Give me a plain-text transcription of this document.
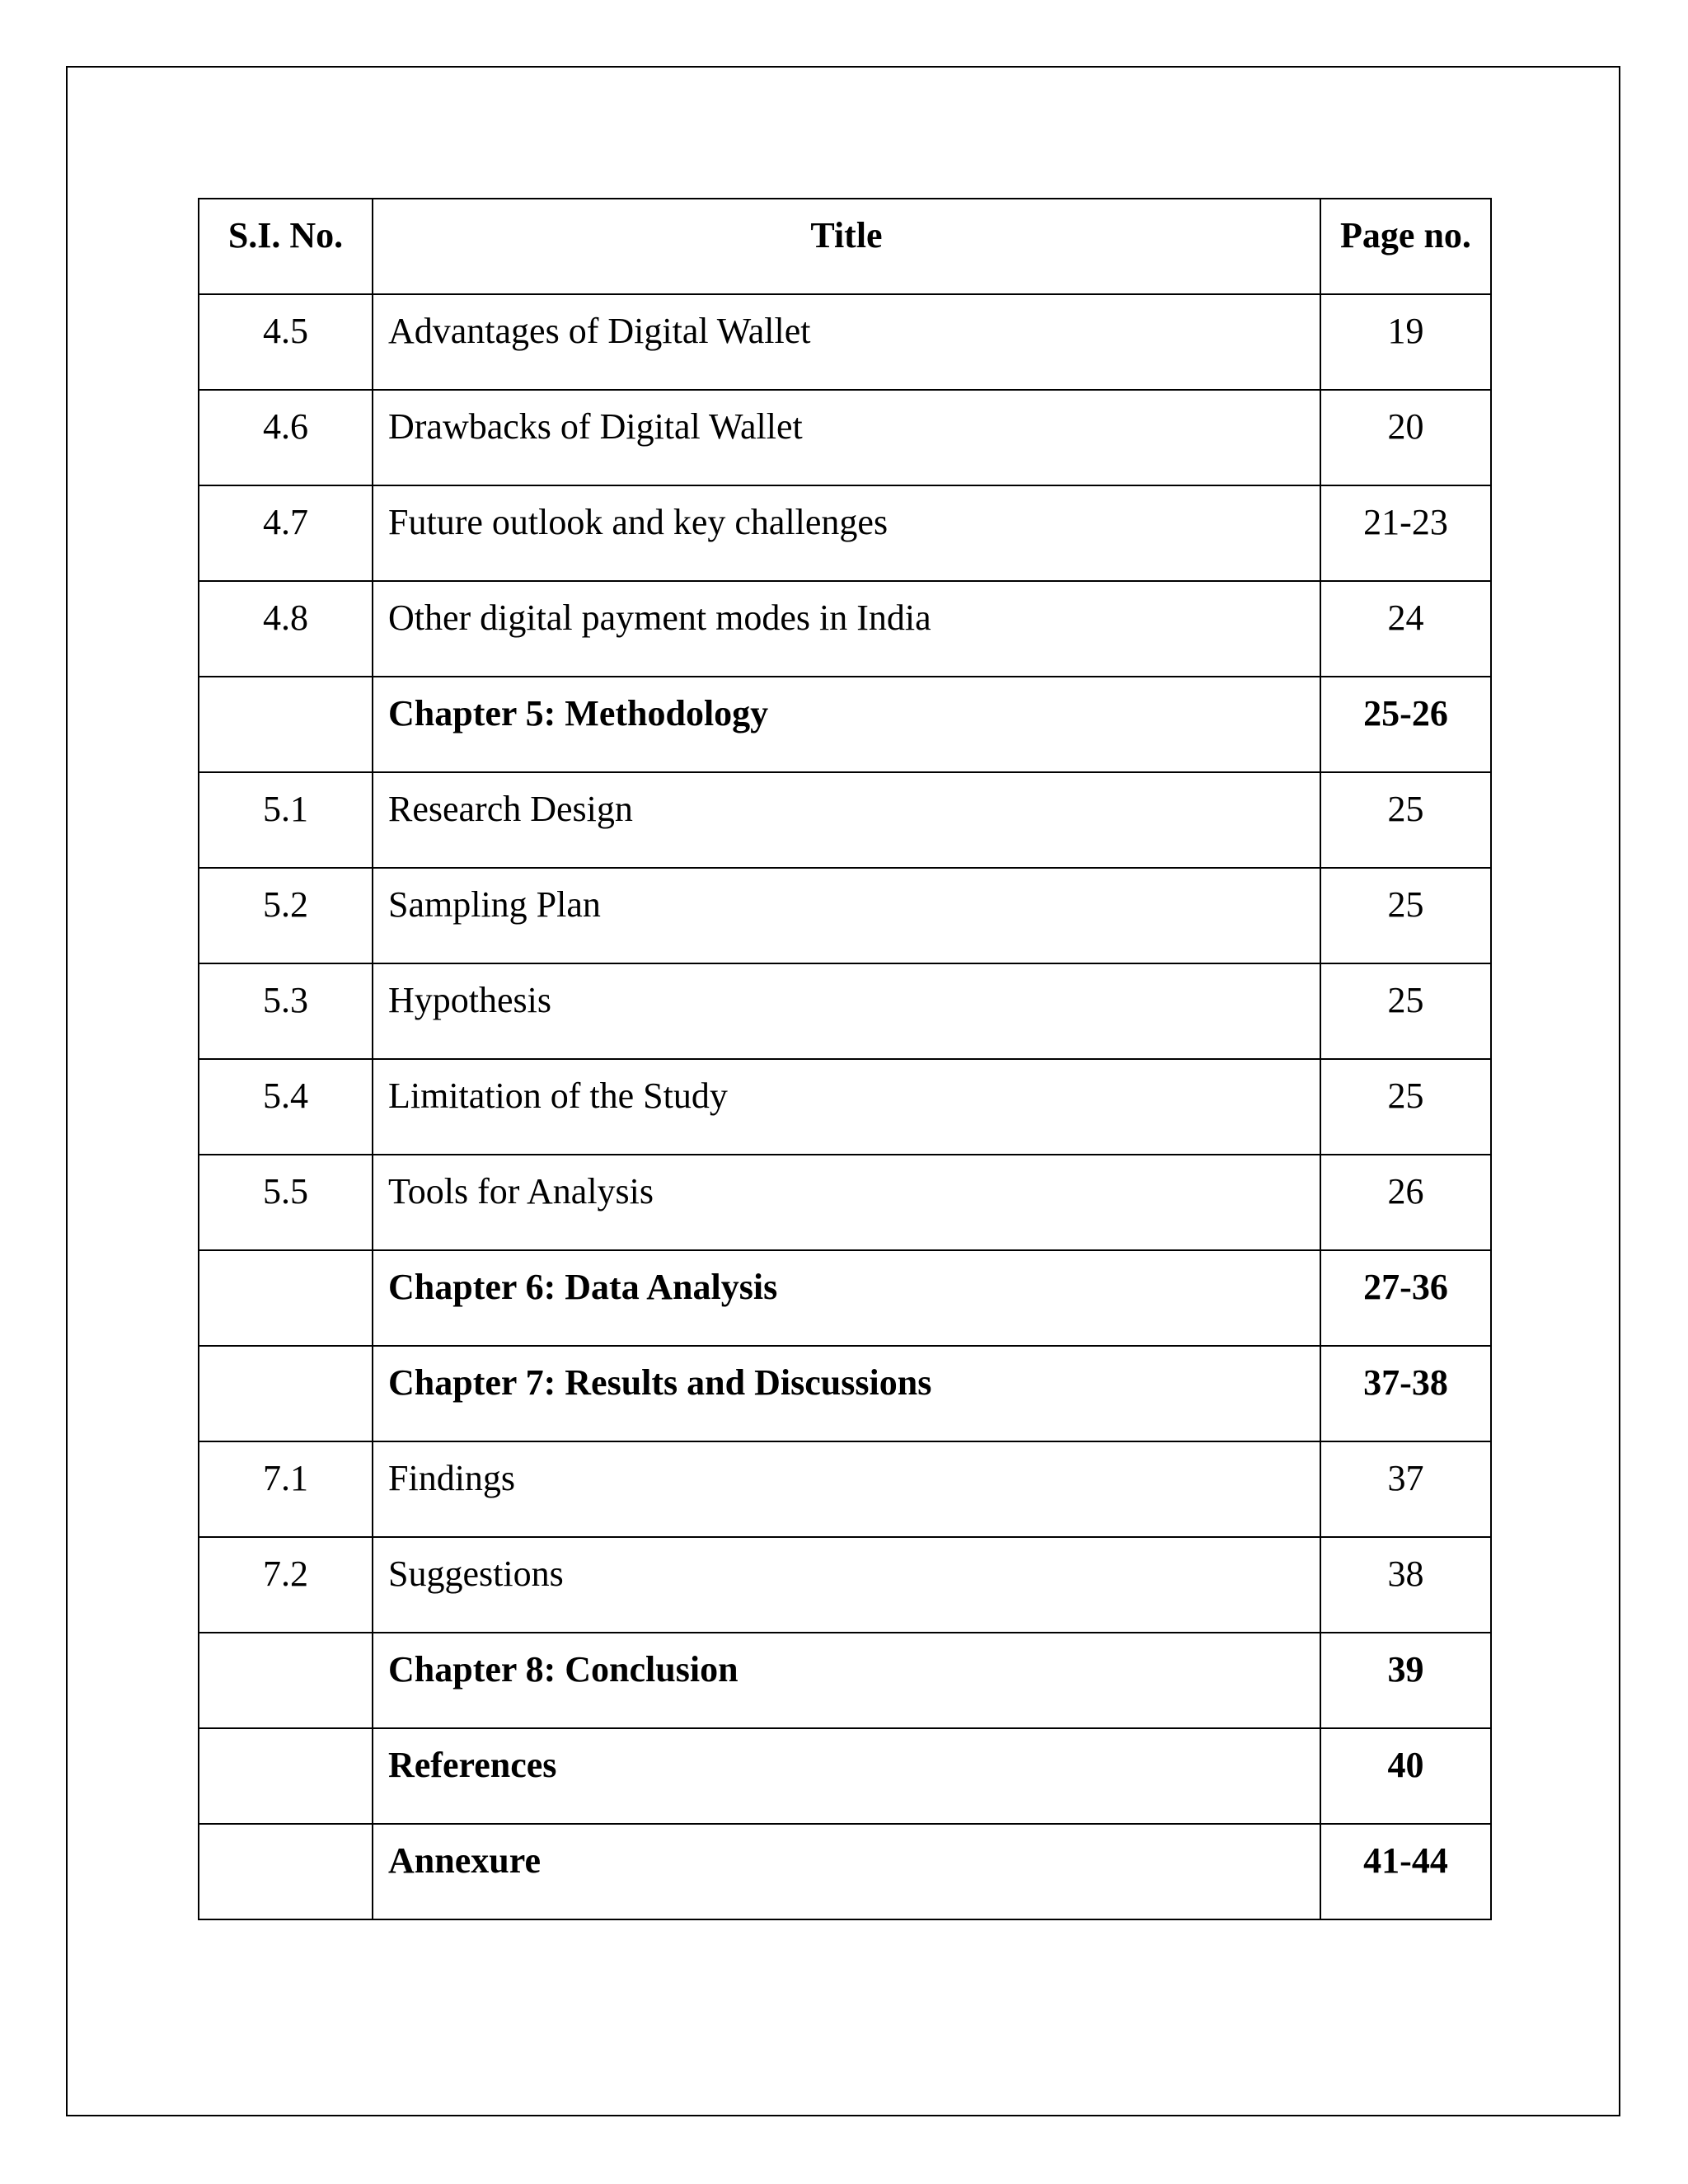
S.I. No.	Title	Page no.
4.5	Advantages of Digital Wallet	19
4.6	Drawbacks of Digital Wallet	20
4.7	Future outlook and key challenges	21-23
4.8	Other digital payment modes in India	24
	Chapter 5: Methodology	25-26
5.1	Research Design	25
5.2	Sampling Plan	25
5.3	Hypothesis	25
5.4	Limitation of the Study	25
5.5	Tools for Analysis	26
	Chapter 6: Data Analysis	27-36
	Chapter 7: Results and Discussions	37-38
7.1	Findings	37
7.2	Suggestions	38
	Chapter 8: Conclusion	39
	References	40
	Annexure	41-44
